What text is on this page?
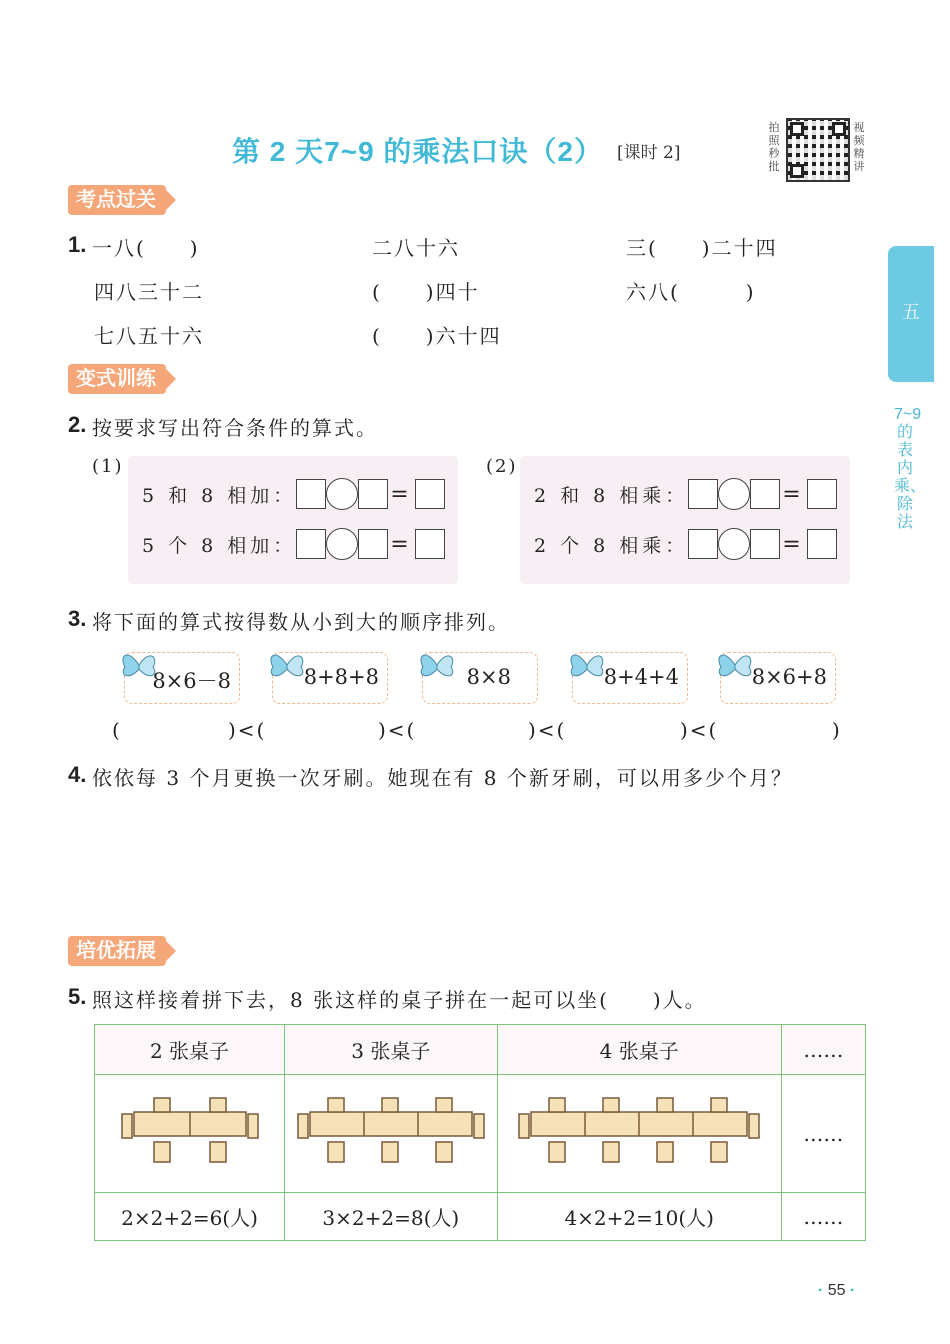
第 2 天 7~9 的乘法口诀（2） [课时 2]
拍照秒批
视频精讲
五
7~9的表内乘、除法
考点过关
1. 一八(　　)	二八十六	三(　　)二十四
四八三十二	(　　)四十	六八(　　　)
七八五十六	(　　)六十四
变式训练
2. 按要求写出符合条件的算式。
(1)
5 和 8 相加：	=
5 个 8 相加：	=
(2)
2 和 8 相乘：	=
2 个 8 相乘：	=
3. 将下面的算式按得数从小到大的顺序排列。
8×6－8	8+8+8	8×8	8+4+4	8×6+8
(	)<(	)<(	)<(	)<(	)
4. 依依每 3 个月更换一次牙刷。她现在有 8 个新牙刷，可以用多少个月？
培优拓展
5. 照这样接着拼下去，8 张这样的桌子拼在一起可以坐(　　)人。
2 张桌子	3 张桌子	4 张桌子	……
			……
2×2+2=6(人)	3×2+2=8(人)	4×2+2=10(人)	……
· 55 ·
